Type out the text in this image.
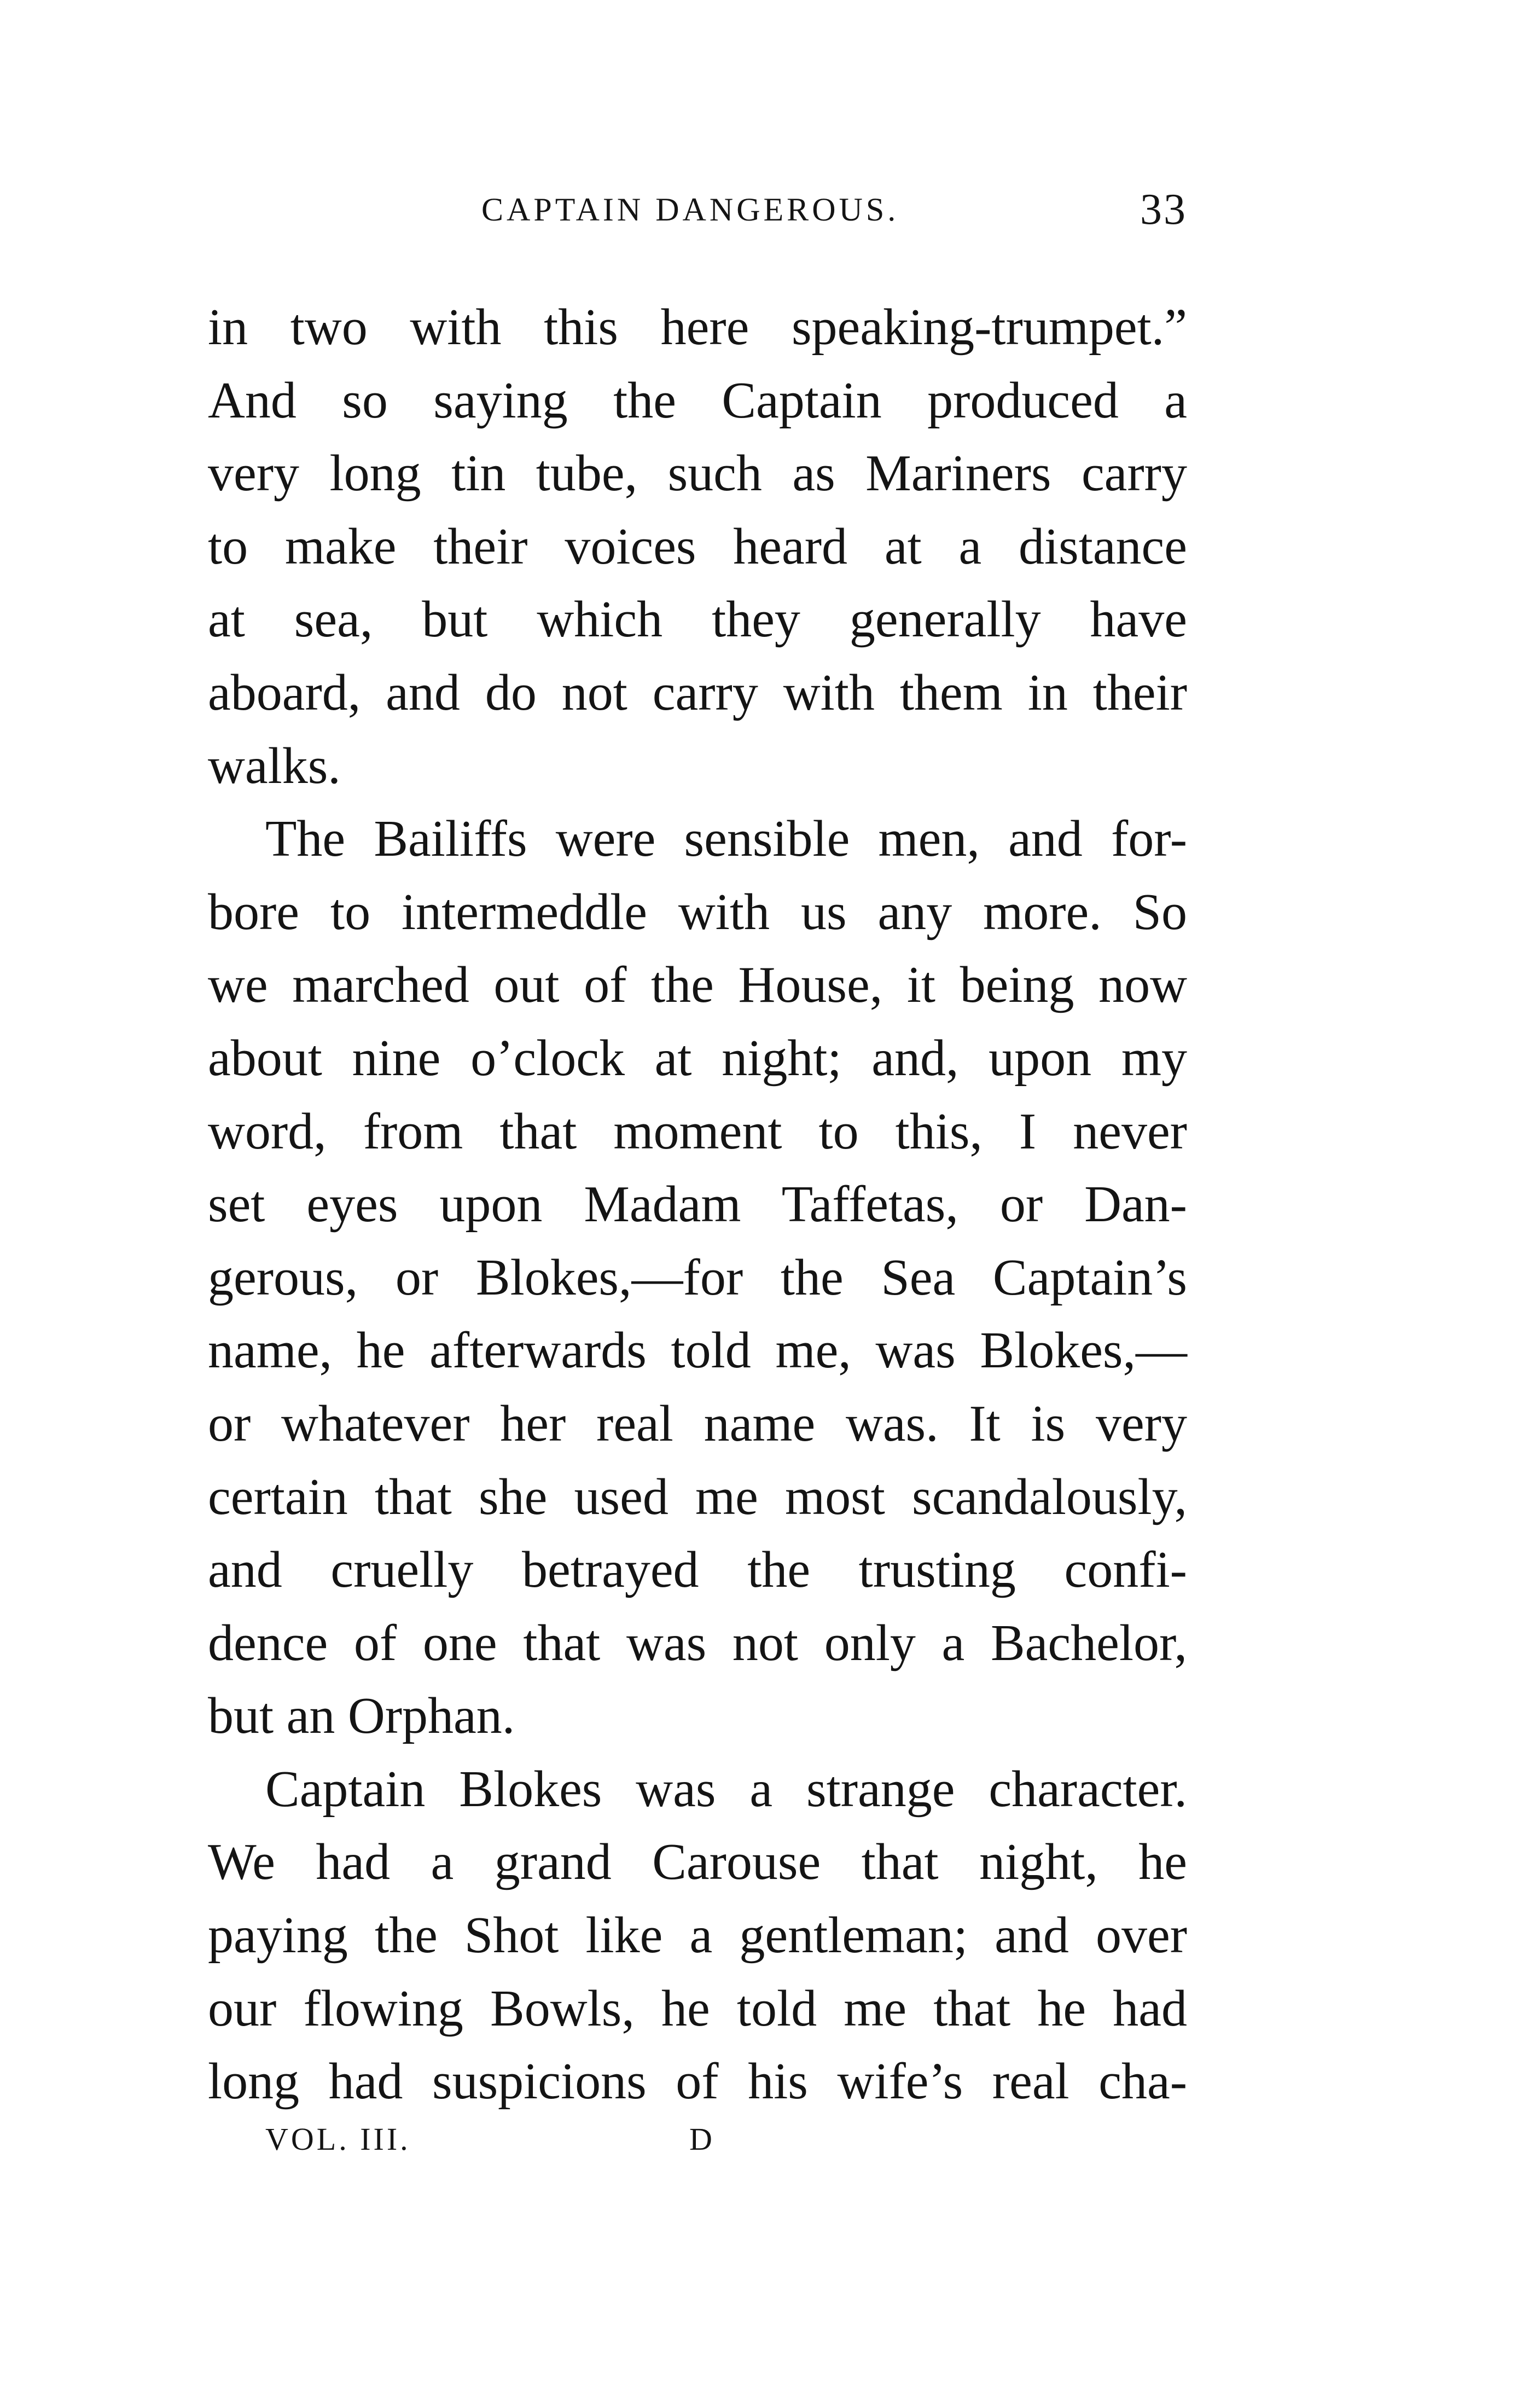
CAPTAIN DANGEROUS.	33
in two with this here speaking-trumpet.”
And so saying the Captain produced a
very long tin tube, such as Mariners carry
to make their voices heard at a distance
at sea, but which they generally have
aboard, and do not carry with them in their
walks.
The Bailiffs were sensible men, and for-
bore to intermeddle with us any more. So
we marched out of the House, it being now
about nine o’clock at night; and, upon my
word, from that moment to this, I never
set eyes upon Madam Taffetas, or Dan-
gerous, or Blokes,—for the Sea Captain’s
name, he afterwards told me, was Blokes,—
or whatever her real name was. It is very
certain that she used me most scandalously,
and cruelly betrayed the trusting confi-
dence of one that was not only a Bachelor,
but an Orphan.
Captain Blokes was a strange character.
We had a grand Carouse that night, he
paying the Shot like a gentleman; and over
our flowing Bowls, he told me that he had
long had suspicions of his wife’s real cha-
VOL. III.	D
